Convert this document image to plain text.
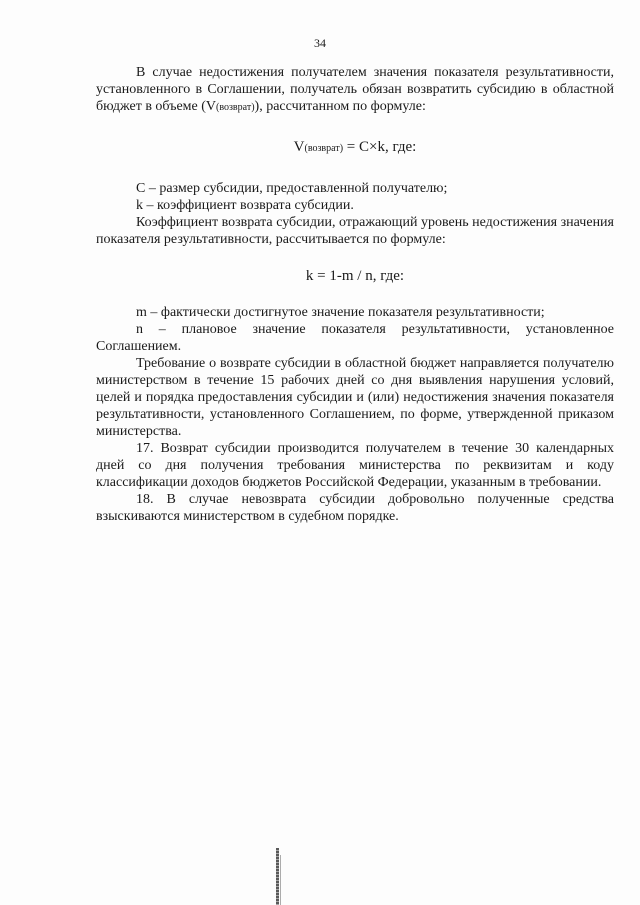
34

В случае недостижения получателем значения показателя результативности, установленного в Соглашении, получатель обязан возвратить субсидию в областной бюджет в объеме (V(возврат)), рассчитанном по формуле:

V(возврат) = C×k, где:

С – размер субсидии, предоставленной получателю;

k – коэффициент возврата субсидии.

Коэффициент возврата субсидии, отражающий уровень недостижения значения показателя результативности, рассчитывается по формуле:

k = 1-m / n, где:

m – фактически достигнутое значение показателя результативности;

n – плановое значение показателя результативности, установленное Соглашением.

Требование о возврате субсидии в областной бюджет направляется получателю министерством в течение 15 рабочих дней со дня выявления нарушения условий, целей и порядка предоставления субсидии и (или) недостижения значения показателя результативности, установленного Соглашением, по форме, утвержденной приказом министерства.

17. Возврат субсидии производится получателем в течение 30 календарных дней со дня получения требования министерства по реквизитам и коду классификации доходов бюджетов Российской Федерации, указанным в требовании.

18. В случае невозврата субсидии добровольно полученные средства взыскиваются министерством в судебном порядке.
